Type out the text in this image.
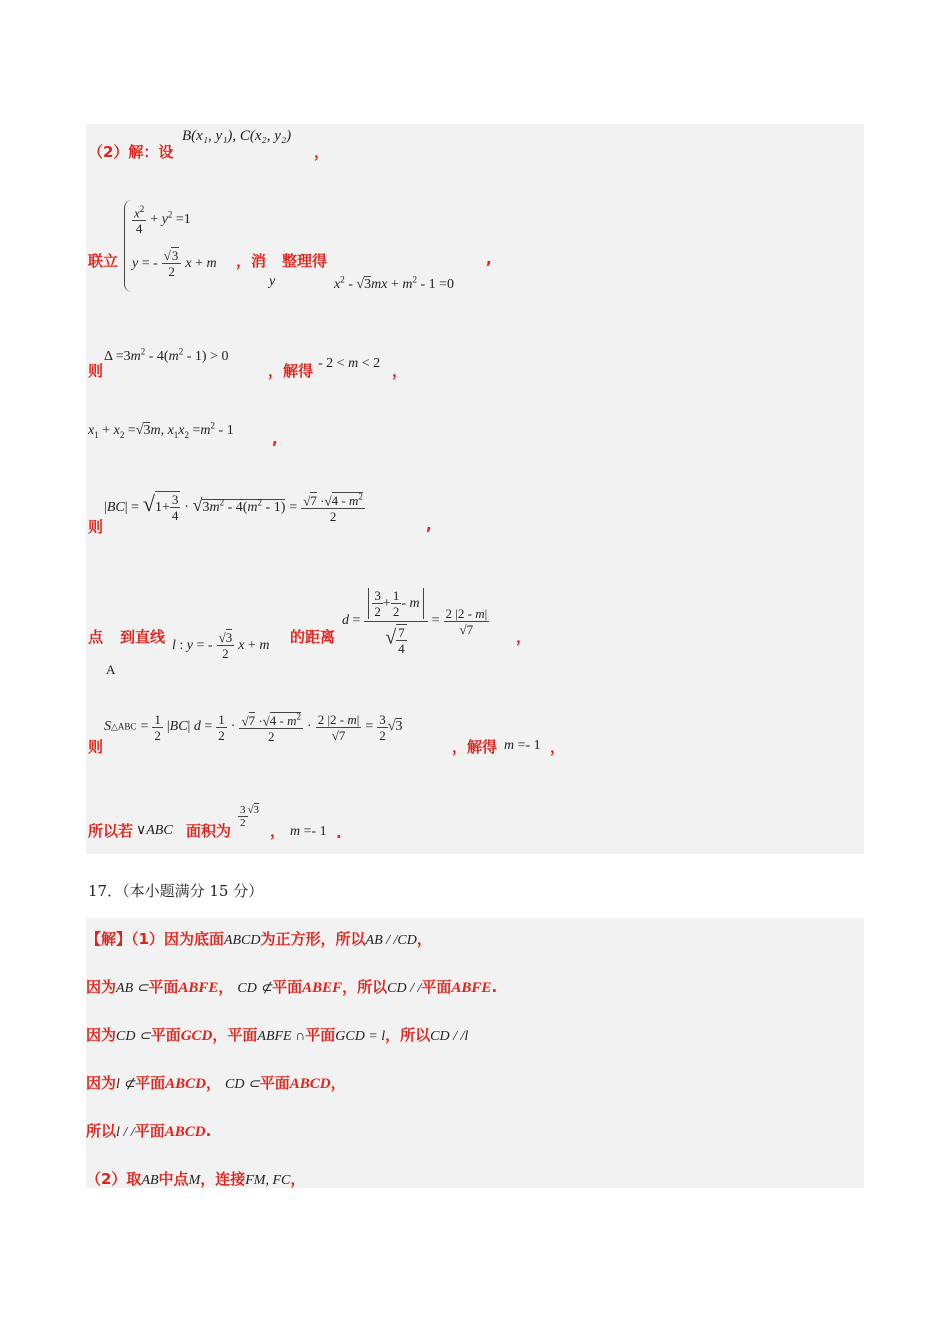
（2）解：设
B(x₁, y₁), C(x₂, y₂)
，
联立
$\frac{x^2}{4} + y^2 =1$
y = - $\frac{√3}{2}$ x + m ，消
y
整理得
$x^2 - √3mx + m^2 - 1 =0$
,
则
$\Delta =3m^2 - 4(m^2 - 1) > 0$
，解得 - 2 < m < 2 ，
$x_1 + x_2 =√3m$, $x_1x_2 =m^2 - 1$	,
则
$|BC| = √1+ \frac{3}{4} \cdot √3m^2 - 4(m^2 - 1) = \frac{√7 \cdot√4 - m^2}{2}$
,
点
A
到直线 l : y = - $\frac{√3}{2}$ x + m 的距离
$d = \frac{\frac{3}{2} + \frac{1}{2} - m}{√ \frac{7}{4}} = \frac{2 |2 - m|}{√7}$
，
则
S△ABC = $\frac{1}{2} |BC|$ $d = \frac{1}{2} \cdot \frac{√7 \cdot√4 - m^2}{2} \cdot \frac{2 |2 - m|}{√7} = \frac{3}{2} √3$
，解得 m =- 1 ，
所以若 ∨ABC 面积为
$\frac{3}{2} ^{√3}$
， m =- 1 .
17．（本小题满分 15 分）
【解】（1）因为底面ABCD为正方形，所以AB / /CD，
因为AB ⊂平面ABFE， CD ⊄平面ABEF，所以CD / /平面ABFE.
因为CD ⊂平面GCD，平面ABFE ∩平面GCD = l，所以CD / /l
因为l ⊄平面ABCD， CD ⊂平面ABCD，
所以l / /平面ABCD.
（2）取AB中点M，连接FM, FC，
